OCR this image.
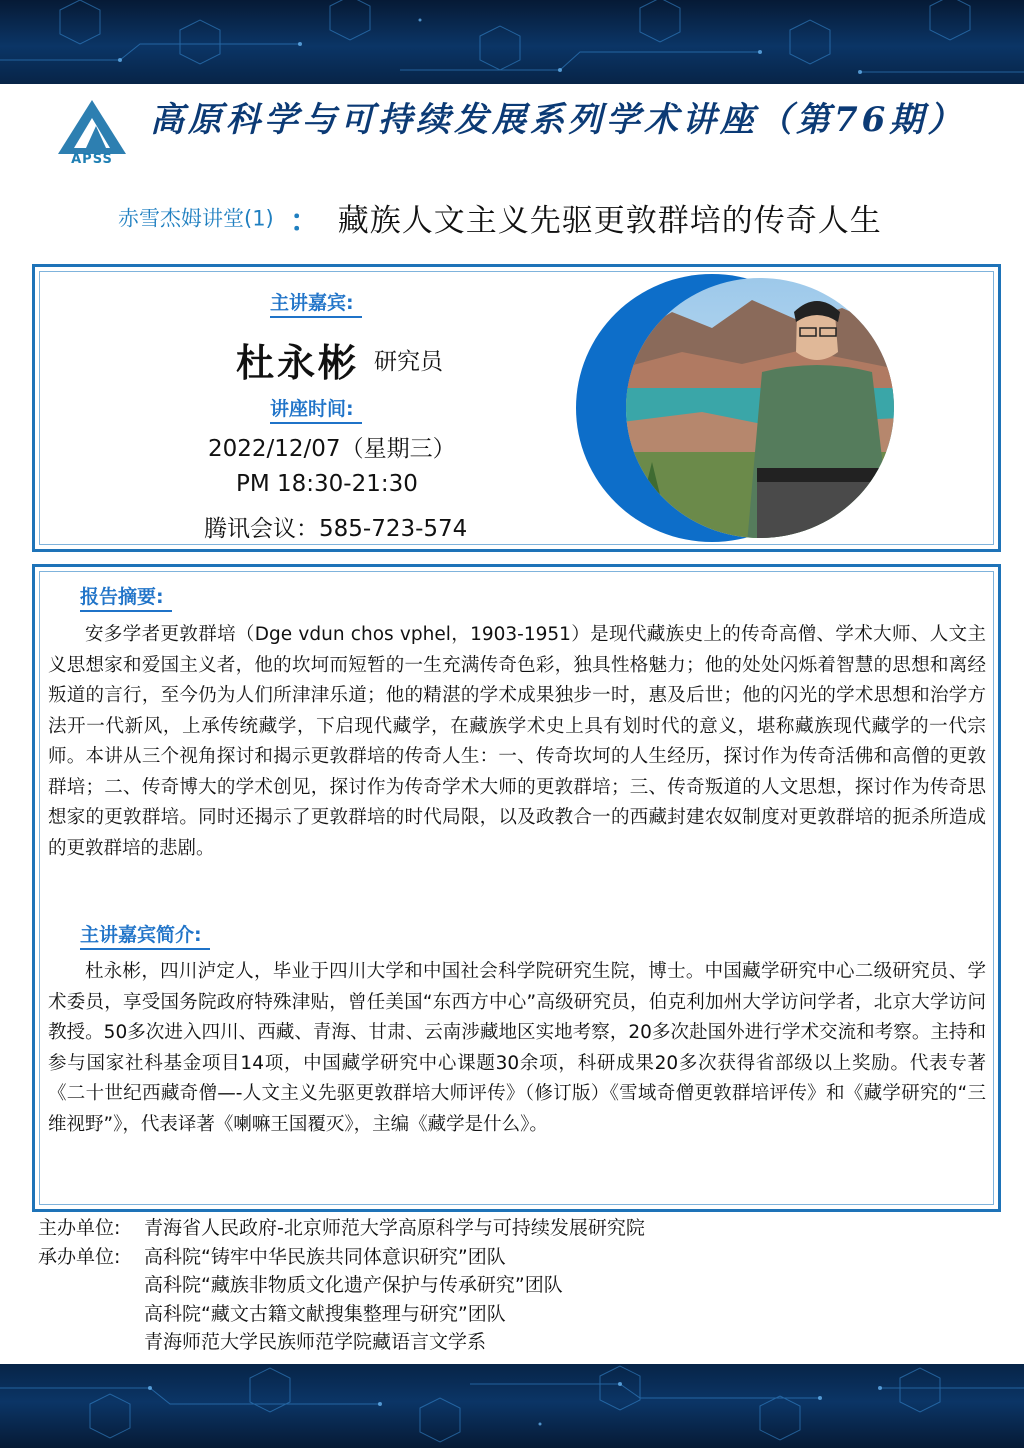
APSS
高原科学与可持续发展系列学术讲座（第76期）
赤雪杰姆讲堂(1) ： 藏族人文主义先驱更敦群培的传奇人生
主讲嘉宾:
杜永彬 研究员
讲座时间:
2022/12/07（星期三）
PM 18:30-21:30
腾讯会议：585-723-574
报告摘要:
安多学者更敦群培（Dge vdun chos vphel，1903-1951）是现代藏族史上的传奇高僧、学术大师、人文主义思想家和爱国主义者，他的坎坷而短暂的一生充满传奇色彩，独具性格魅力；他的处处闪烁着智慧的思想和离经叛道的言行，至今仍为人们所津津乐道；他的精湛的学术成果独步一时，惠及后世；他的闪光的学术思想和治学方法开一代新风，上承传统藏学，下启现代藏学，在藏族学术史上具有划时代的意义，堪称藏族现代藏学的一代宗师。本讲从三个视角探讨和揭示更敦群培的传奇人生：一、传奇坎坷的人生经历，探讨作为传奇活佛和高僧的更敦群培；二、传奇博大的学术创见，探讨作为传奇学术大师的更敦群培；三、传奇叛道的人文思想，探讨作为传奇思想家的更敦群培。同时还揭示了更敦群培的时代局限，以及政教合一的西藏封建农奴制度对更敦群培的扼杀所造成的更敦群培的悲剧。
主讲嘉宾简介:
杜永彬，四川泸定人，毕业于四川大学和中国社会科学院研究生院，博士。中国藏学研究中心二级研究员、学术委员，享受国务院政府特殊津贴，曾任美国“东西方中心”高级研究员，伯克利加州大学访问学者，北京大学访问教授。50多次进入四川、西藏、青海、甘肃、云南涉藏地区实地考察，20多次赴国外进行学术交流和考察。主持和参与国家社科基金项目14项，中国藏学研究中心课题30余项，科研成果20多次获得省部级以上奖励。代表专著《二十世纪西藏奇僧—-人文主义先驱更敦群培大师评传》（修订版）《雪域奇僧更敦群培评传》和《藏学研究的“三维视野”》，代表译著《喇嘛王国覆灭》，主编《藏学是什么》。
主办单位: 青海省人民政府-北京师范大学高原科学与可持续发展研究院
承办单位: 高科院“铸牢中华民族共同体意识研究”团队
高科院“藏族非物质文化遗产保护与传承研究”团队
高科院“藏文古籍文献搜集整理与研究”团队
青海师范大学民族师范学院藏语言文学系
